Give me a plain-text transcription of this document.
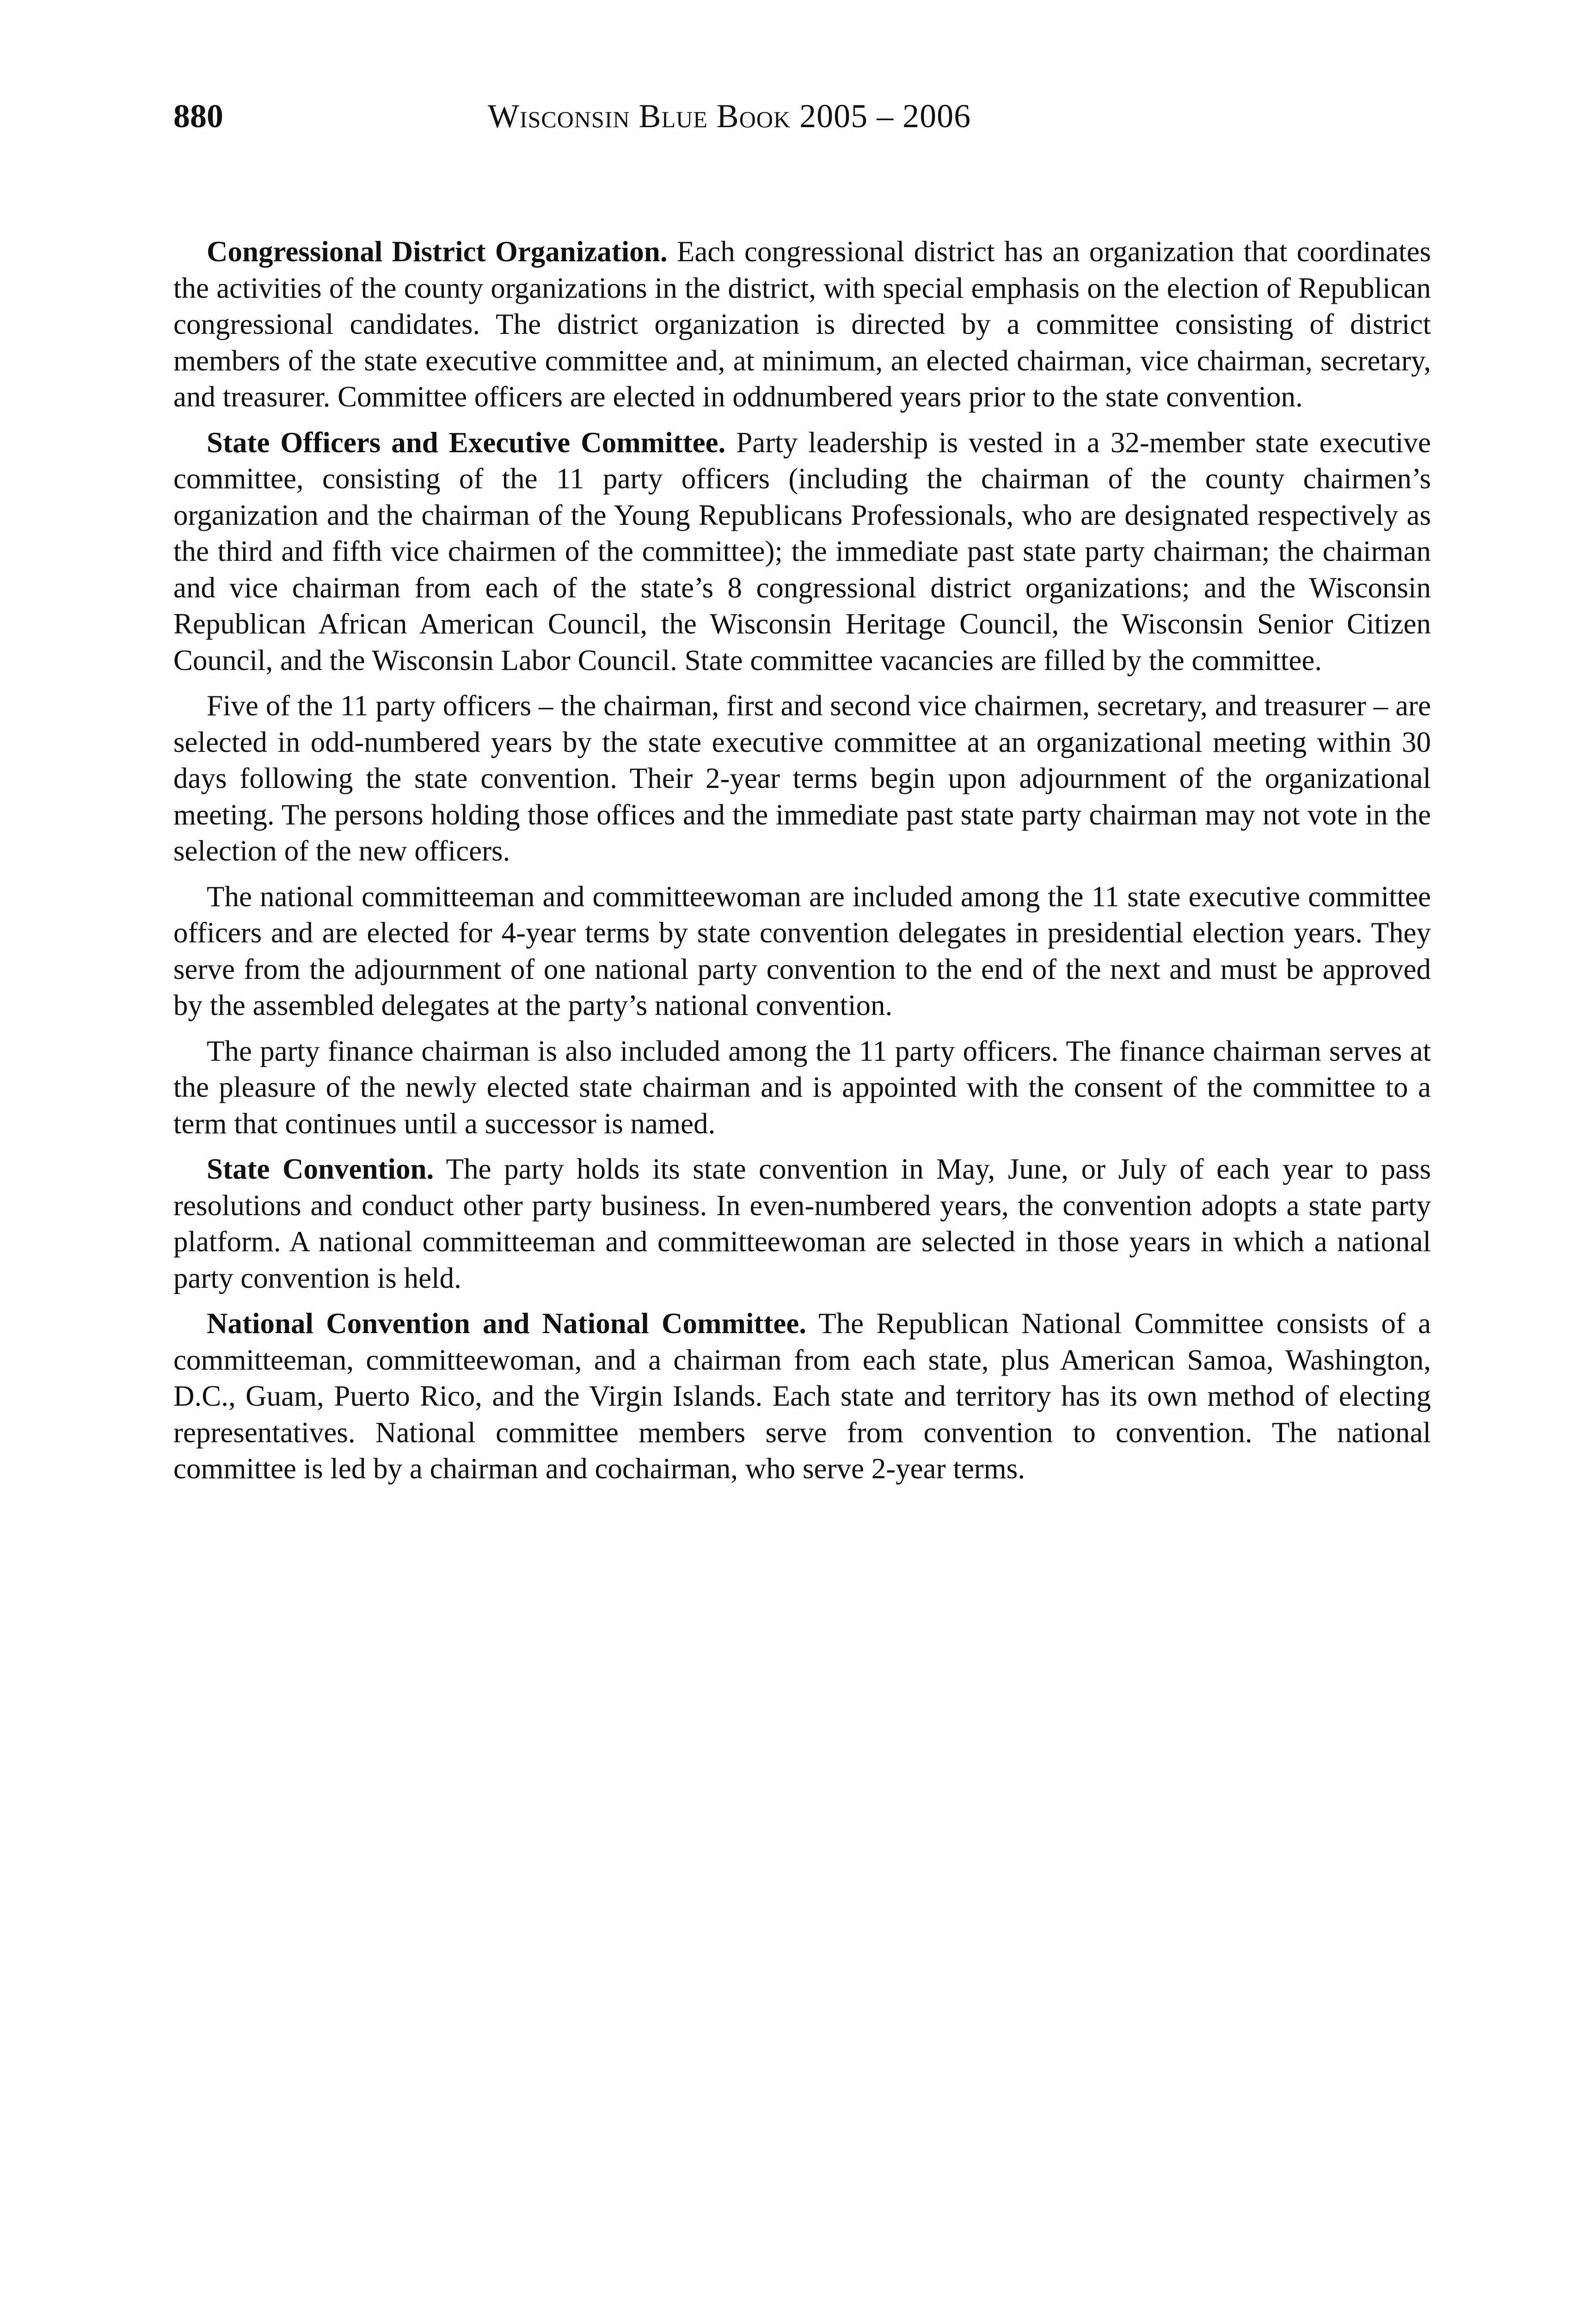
880	Wisconsin Blue Book 2005 – 2006

Congressional District Organization. Each congressional district has an organization that coordinates the activities of the county organizations in the district, with special emphasis on the election of Republican congressional candidates. The district organization is directed by a committee consisting of district members of the state executive committee and, at minimum, an elected chairman, vice chairman, secretary, and treasurer. Committee officers are elected in oddnumbered years prior to the state convention.

State Officers and Executive Committee. Party leadership is vested in a 32-member state executive committee, consisting of the 11 party officers (including the chairman of the county chairmen’s organization and the chairman of the Young Republicans Professionals, who are designated respectively as the third and fifth vice chairmen of the committee); the immediate past state party chairman; the chairman and vice chairman from each of the state’s 8 congressional district organizations; and the Wisconsin Republican African American Council, the Wisconsin Heritage Council, the Wisconsin Senior Citizen Council, and the Wisconsin Labor Council. State committee vacancies are filled by the committee.

Five of the 11 party officers – the chairman, first and second vice chairmen, secretary, and treasurer – are selected in odd-numbered years by the state executive committee at an organizational meeting within 30 days following the state convention. Their 2-year terms begin upon adjournment of the organizational meeting. The persons holding those offices and the immediate past state party chairman may not vote in the selection of the new officers.

The national committeeman and committeewoman are included among the 11 state executive committee officers and are elected for 4-year terms by state convention delegates in presidential election years. They serve from the adjournment of one national party convention to the end of the next and must be approved by the assembled delegates at the party’s national convention.

The party finance chairman is also included among the 11 party officers. The finance chairman serves at the pleasure of the newly elected state chairman and is appointed with the consent of the committee to a term that continues until a successor is named.

State Convention. The party holds its state convention in May, June, or July of each year to pass resolutions and conduct other party business. In even-numbered years, the convention adopts a state party platform. A national committeeman and committeewoman are selected in those years in which a national party convention is held.

National Convention and National Committee. The Republican National Committee consists of a committeeman, committeewoman, and a chairman from each state, plus American Samoa, Washington, D.C., Guam, Puerto Rico, and the Virgin Islands. Each state and territory has its own method of electing representatives. National committee members serve from convention to convention. The national committee is led by a chairman and cochairman, who serve 2-year terms.
